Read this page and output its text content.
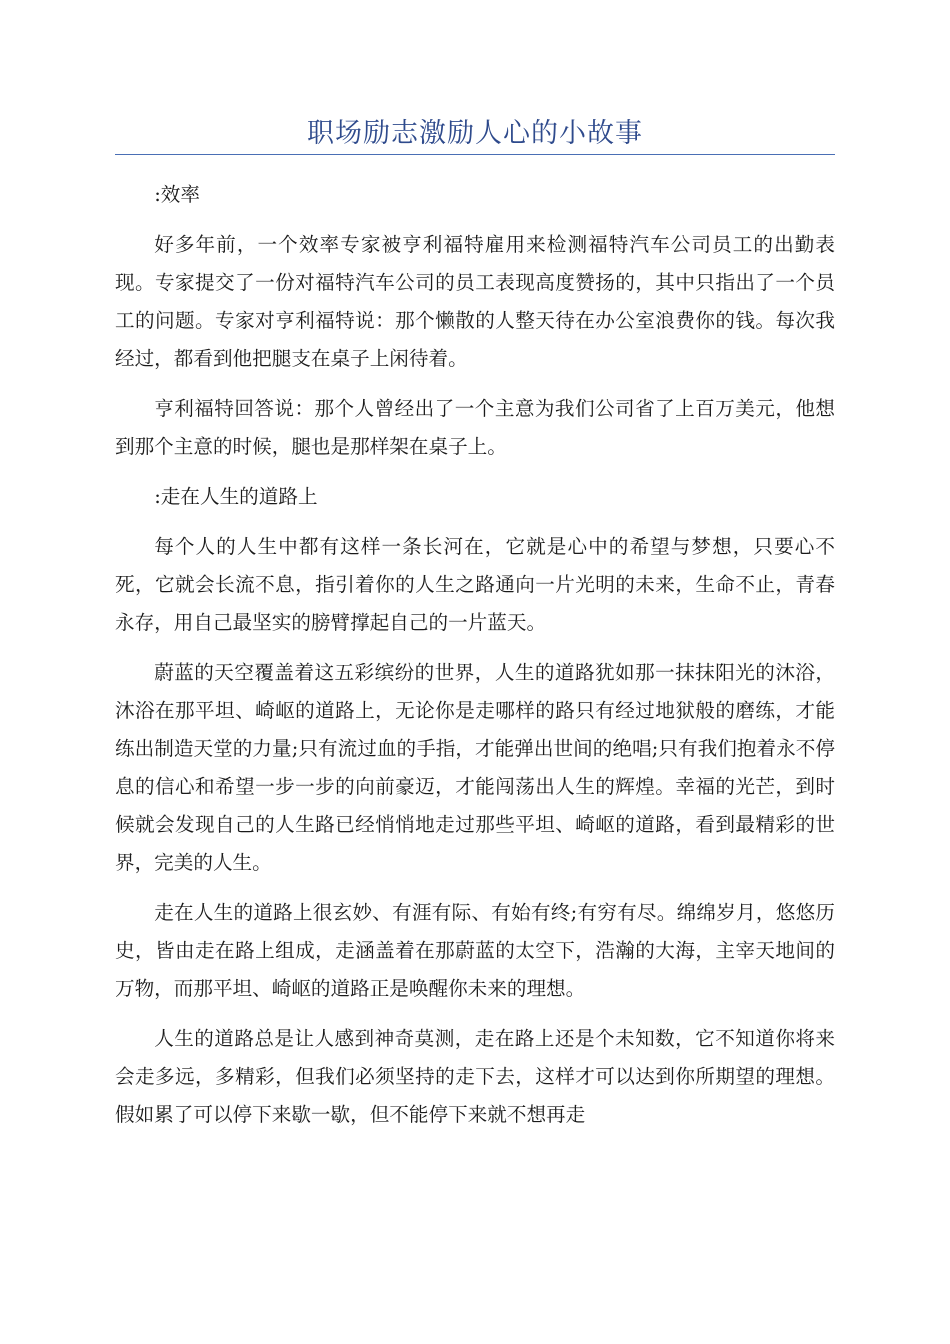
职场励志激励人心的小故事

:效率

好多年前，一个效率专家被亨利福特雇用来检测福特汽车公司员工的出勤表现。专家提交了一份对福特汽车公司的员工表现高度赞扬的，其中只指出了一个员工的问题。专家对亨利福特说：那个懒散的人整天待在办公室浪费你的钱。每次我经过，都看到他把腿支在桌子上闲待着。

亨利福特回答说：那个人曾经出了一个主意为我们公司省了上百万美元，他想到那个主意的时候，腿也是那样架在桌子上。

:走在人生的道路上

每个人的人生中都有这样一条长河在，它就是心中的希望与梦想，只要心不死，它就会长流不息，指引着你的人生之路通向一片光明的未来，生命不止，青春永存，用自己最坚实的膀臂撑起自己的一片蓝天。

蔚蓝的天空覆盖着这五彩缤纷的世界，人生的道路犹如那一抹抹阳光的沐浴，沐浴在那平坦、崎岖的道路上，无论你是走哪样的路只有经过地狱般的磨练，才能练出制造天堂的力量;只有流过血的手指，才能弹出世间的绝唱;只有我们抱着永不停息的信心和希望一步一步的向前豪迈，才能闯荡出人生的辉煌。幸福的光芒，到时候就会发现自己的人生路已经悄悄地走过那些平坦、崎岖的道路，看到最精彩的世界，完美的人生。

走在人生的道路上很玄妙、有涯有际、有始有终;有穷有尽。绵绵岁月，悠悠历史，皆由走在路上组成，走涵盖着在那蔚蓝的太空下，浩瀚的大海，主宰天地间的万物，而那平坦、崎岖的道路正是唤醒你未来的理想。

人生的道路总是让人感到神奇莫测，走在路上还是个未知数，它不知道你将来会走多远，多精彩，但我们必须坚持的走下去，这样才可以达到你所期望的理想。假如累了可以停下来歇一歇，但不能停下来就不想再走
